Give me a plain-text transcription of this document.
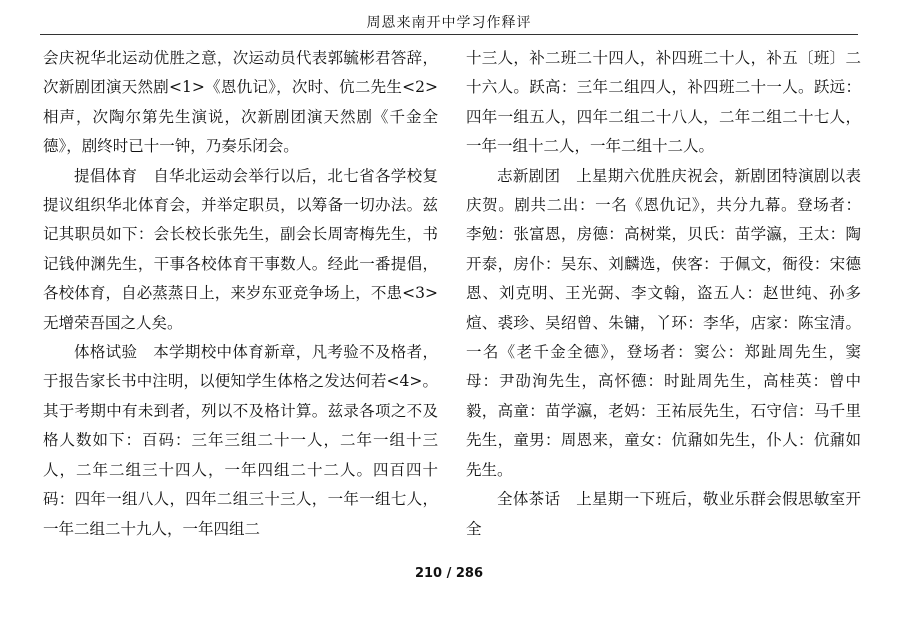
周恩来南开中学习作释评

会庆祝华北运动优胜之意，次运动员代表郭毓彬君答辞，次新剧团演天然剧<1>《恩仇记》，次时、伉二先生<2>相声，次陶尔第先生演说，次新剧团演天然剧《千金全德》，剧终时已十一钟，乃奏乐闭会。

提倡体育　自华北运动会举行以后，北七省各学校复提议组织华北体育会，并举定职员，以筹备一切办法。兹记其职员如下：会长校长张先生，副会长周寄梅先生，书记钱仲渊先生，干事各校体育干事数人。经此一番提倡，各校体育，自必蒸蒸日上，来岁东亚竞争场上，不患<3>无增荣吾国之人矣。

体格试验　本学期校中体育新章，凡考验不及格者，于报告家长书中注明，以便知学生体格之发达何若<4>。其于考期中有未到者，列以不及格计算。兹录各项之不及格人数如下：百码：三年三组二十一人，二年一组十三人，二年二组三十四人，一年四组二十二人。四百四十码：四年一组八人，四年二组三十三人，一年一组七人，一年二组二十九人，一年四组二

十三人，补二班二十四人，补四班二十人，补五〔班〕二十六人。跃高：三年二组四人，补四班二十一人。跃远：四年一组五人，四年二组二十八人，二年二组二十七人，一年一组十二人，一年二组十二人。

志新剧团　上星期六优胜庆祝会，新剧团特演剧以表庆贺。剧共二出：一名《恩仇记》，共分九幕。登场者：李勉：张富恩，房德：高树棠，贝氏：苗学瀛，王太：陶开泰，房仆：吴东、刘麟选，侠客：于佩文，衙役：宋德恩、刘克明、王光弼、李文翰，盗五人：赵世纯、孙多煊、裘珍、吴绍曾、朱镛，丫环：李华，店家：陈宝清。一名《老千金全德》，登场者：窦公：郑趾周先生，窦母：尹劭洵先生，高怀德：时趾周先生，高桂英：曾中毅，高童：苗学瀛，老妈：王祐辰先生，石守信：马千里先生，童男：周恩来，童女：伉鼐如先生，仆人：伉鼐如先生。

全体茶话　上星期一下班后，敬业乐群会假思敏室开全

210 / 286
